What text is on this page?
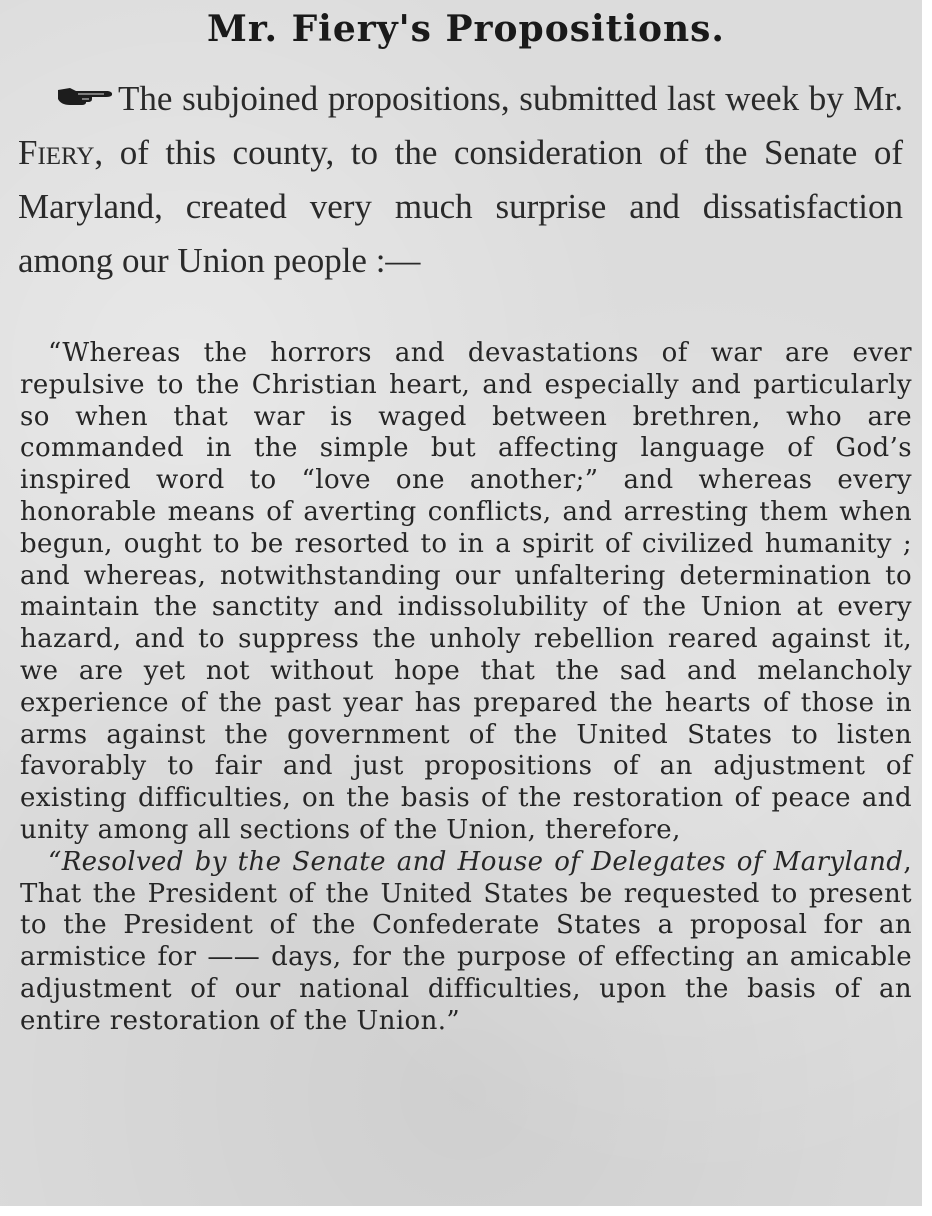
Mr. Fiery's Propositions.
The subjoined propositions, submitted last week by Mr. Fiery, of this county, to the consideration of the Senate of Maryland, created very much surprise and dissatisfaction among our Union people :—

“Whereas the horrors and devastations of war are ever repulsive to the Christian heart, and especially and particularly so when that war is waged between brethren, who are commanded in the simple but affecting language of God’s inspired word to “love one another;” and whereas every honorable means of averting conflicts, and arresting them when begun, ought to be resorted to in a spirit of civilized humanity ; and whereas, notwithstanding our unfaltering determination to maintain the sanctity and indissolubility of the Union at every hazard, and to suppress the unholy rebellion reared against it, we are yet not without hope that the sad and melancholy experience of the past year has prepared the hearts of those in arms against the government of the United States to listen favorably to fair and just propositions of an adjustment of existing difficulties, on the basis of the restoration of peace and unity among all sections of the Union, therefore,

“Resolved by the Senate and House of Delegates of Maryland, That the President of the United States be requested to present to the President of the Confederate States a proposal for an armistice for —— days, for the purpose of effecting an amicable adjustment of our national difficulties, upon the basis of an entire restoration of the Union.”
